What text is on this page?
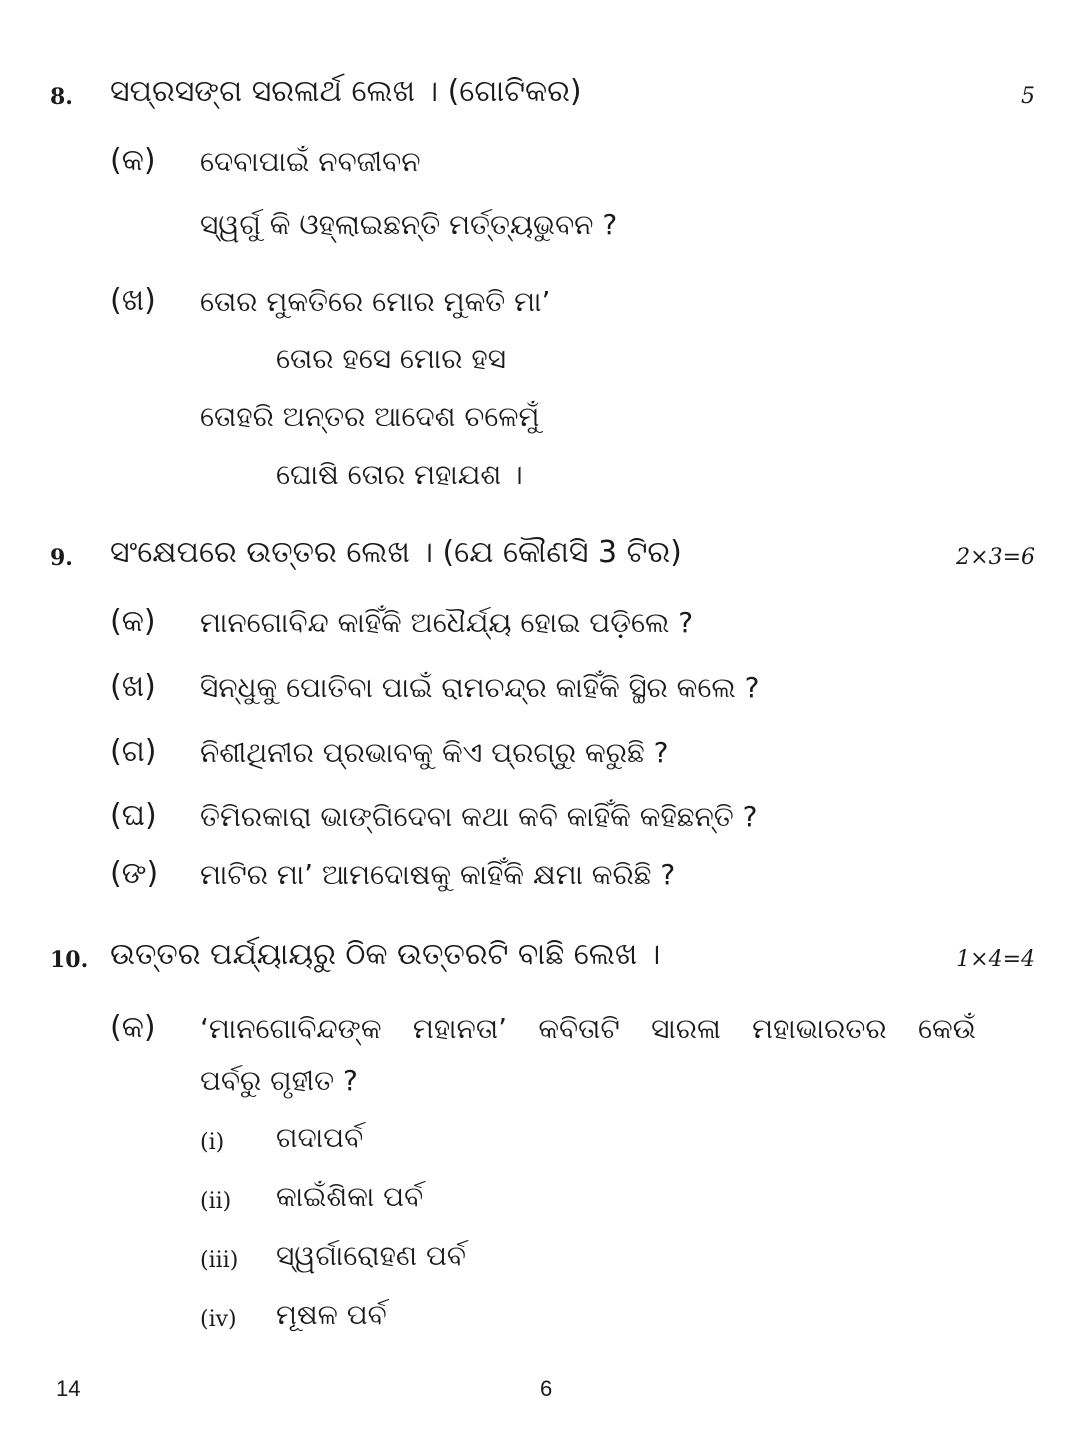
8. ସପ୍ରସଙ୍ଗ ସରଳାର୍ଥ ଲେଖ । (ଗୋଟିକର)	5
(କ) ଦେବାପାଇଁ ନବଜୀବନ
ସ୍ୱର୍ଗୁ କି ଓହ୍ଲାଇଛନ୍ତି ମର୍ତ୍ତ୍ୟଭୁବନ ?
(ଖ) ତୋର ମୁକତିରେ ମୋର ମୁକତି ମା’
ତୋର ହସେ ମୋର ହସ
ତୋହରି ଅନ୍ତର ଆଦେଶ ଚଳେମୁଁ
ଘୋଷି ତୋର ମହାଯଶ ।
9. ସଂକ୍ଷେପରେ ଉତ୍ତର ଲେଖ । (ଯେ କୌଣସି 3 ଟିର)	2×3=6
(କ) ମାନଗୋବିନ୍ଦ କାହିଁକି ଅଧୈର୍ଯ୍ୟ ହୋଇ ପଡ଼ିଲେ ?
(ଖ) ସିନ୍ଧୁକୁ ପୋତିବା ପାଇଁ ରାମଚନ୍ଦ୍ର କାହିଁକି ସ୍ଥିର କଲେ ?
(ଗ) ନିଶୀଥିନୀର ପ୍ରଭାବକୁ କିଏ ପ୍ରଗ୍ରୁ କରୁଛି ?
(ଘ) ତିମିରକାରା ଭାଙ୍ଗିଦେବା କଥା କବି କାହିଁକି କହିଛନ୍ତି ?
(ଙ) ମାଟିର ମା’ ଆମଦୋଷକୁ କାହିଁକି କ୍ଷମା କରିଛି ?
10. ଉତ୍ତର ପର୍ଯ୍ୟାୟରୁ ଠିକ ଉତ୍ତରଟି ବାଛି ଲେଖ ।	1×4=4
(କ) ‘ମାନଗୋବିନ୍ଦଙ୍କ ମହାନତା’ କବିତାଟି ସାରଳା ମହାଭାରତର କେଉଁ
ପର୍ବରୁ ଗୃହୀତ ?
(i) ଗଦାପର୍ବ
(ii) କାଇଁଶିକା ପର୍ବ
(iii) ସ୍ୱର୍ଗାରୋହଣ ପର୍ବ
(iv) ମୂଷଳ ପର୍ବ
14	6
